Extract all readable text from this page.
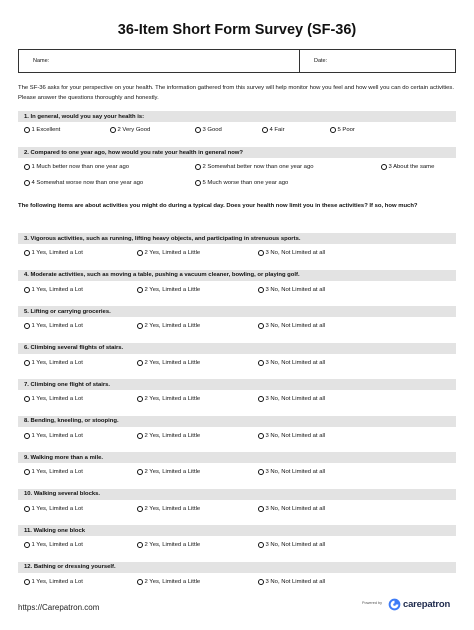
36-Item Short Form Survey (SF-36)
Name:	Date:
The SF-36 asks for your perspective on your health. The information gathered from this survey will help monitor how you feel and how well you can do certain activities. Please answer the questions thoroughly and honestly.
1. In general, would you say your health is:
1 Excellent	2 Very Good	3 Good	4 Fair	5 Poor
2. Compared to one year ago, how would you rate your health in general now?
1 Much better now than one year ago	2 Somewhat better now than one year ago	3 About the same
4 Somewhat worse now than one year ago	5 Much worse than one year ago
The following items are about activities you might do during a typical day. Does your health now limit you in these activities? If so, how much?
3. Vigorous activities, such as running, lifting heavy objects, and participating in strenuous sports.
1 Yes, Limited a Lot	2 Yes, Limited a Little	3 No, Not Limited at all
4. Moderate activities, such as moving a table, pushing a vacuum cleaner, bowling, or playing golf.
1 Yes, Limited a Lot	2 Yes, Limited a Little	3 No, Not Limited at all
5. Lifting or carrying groceries.
1 Yes, Limited a Lot	2 Yes, Limited a Little	3 No, Not Limited at all
6. Climbing several flights of stairs.
1 Yes, Limited a Lot	2 Yes, Limited a Little	3 No, Not Limited at all
7. Climbing one flight of stairs.
1 Yes, Limited a Lot	2 Yes, Limited a Little	3 No, Not Limited at all
8. Bending, kneeling, or stooping.
1 Yes, Limited a Lot	2 Yes, Limited a Little	3 No, Not Limited at all
9. Walking more than a mile.
1 Yes, Limited a Lot	2 Yes, Limited a Little	3 No, Not Limited at all
10. Walking several blocks.
1 Yes, Limited a Lot	2 Yes, Limited a Little	3 No, Not Limited at all
11. Walking one block
1 Yes, Limited a Lot	2 Yes, Limited a Little	3 No, Not Limited at all
12. Bathing or dressing yourself.
1 Yes, Limited a Lot	2 Yes, Limited a Little	3 No, Not Limited at all
https://Carepatron.com	Powered by carepatron
